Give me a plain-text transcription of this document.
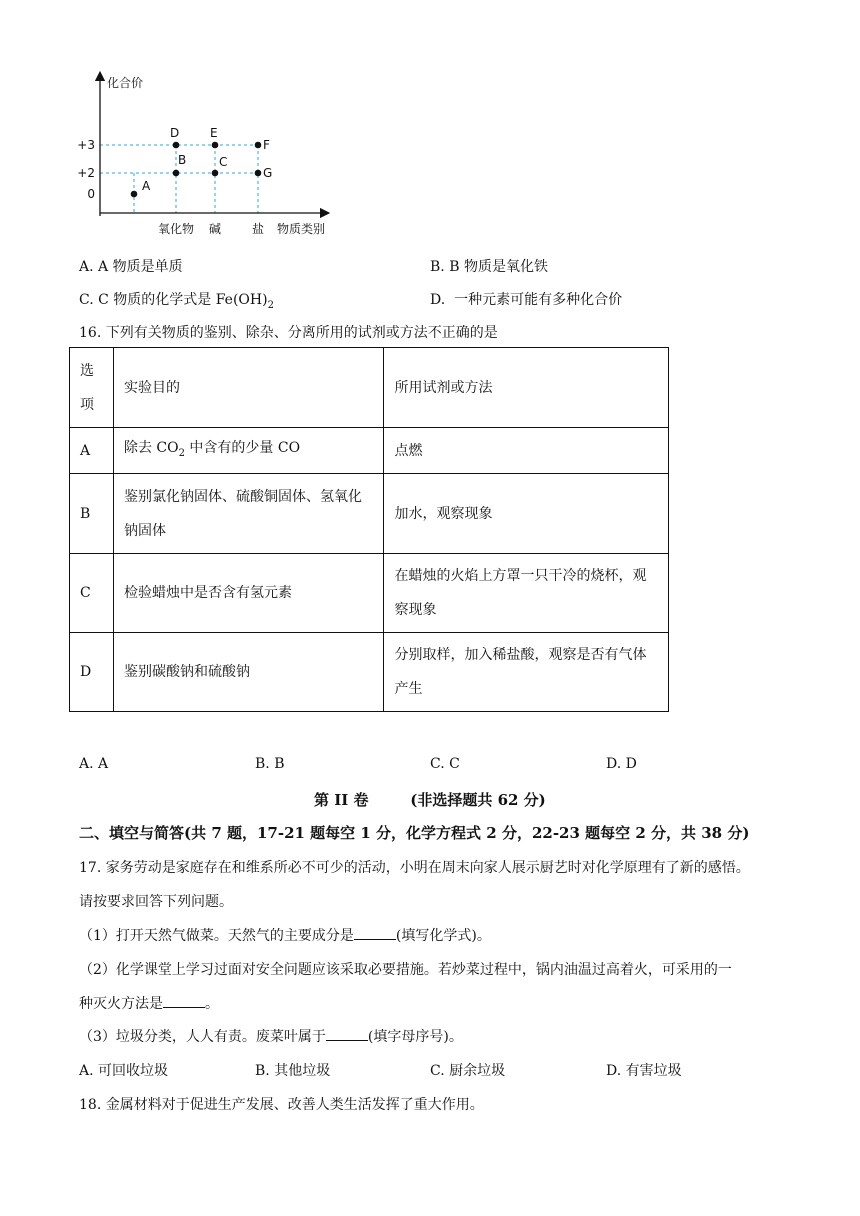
化合价
+3
+2
0
氧化物 碱	盐 物质类别
A
B
D
C
E
F
G
A. A 物质是单质	B. B 物质是氧化铁
C. C 物质的化学式是 $Fe(OH)_2$	D. 一种元素可能有多种化合价
16. 下列有关物质的鉴别、除杂、分离所用的试剂或方法不正确的是
选
项	实验目的	所用试剂或方法
A	除去 $CO_2$ 中含有的少量 CO	点燃
B	鉴别氯化钠固体、硫酸铜固体、氢氧化
钠固体	加水，观察现象
C	检验蜡烛中是否含有氢元素	在蜡烛的火焰上方罩一只干冷的烧杯，观
察现象
D	鉴别碳酸钠和硫酸钠	分别取样，加入稀盐酸，观察是否有气体
产生
A. A	B. B	C. C	D. D
第 II 卷	(非选择题共 62 分)
二、填空与简答(共 7 题，17-21 题每空 1 分，化学方程式 2 分，22-23 题每空 2 分，共 38 分)
17. 家务劳动是家庭存在和维系所必不可少的活动，小明在周末向家人展示厨艺时对化学原理有了新的感悟。
请按要求回答下列问题。
（1）打开天然气做菜。天然气的主要成分是	(填写化学式)。
（2）化学课堂上学习过面对安全问题应该采取必要措施。若炒菜过程中，锅内油温过高着火，可采用的一
种灭火方法是	。
（3）垃圾分类，人人有责。废菜叶属于	(填字母序号)。
A. 可回收垃圾	B. 其他垃圾	C. 厨余垃圾	D. 有害垃圾
18. 金属材料对于促进生产发展、改善人类生活发挥了重大作用。
